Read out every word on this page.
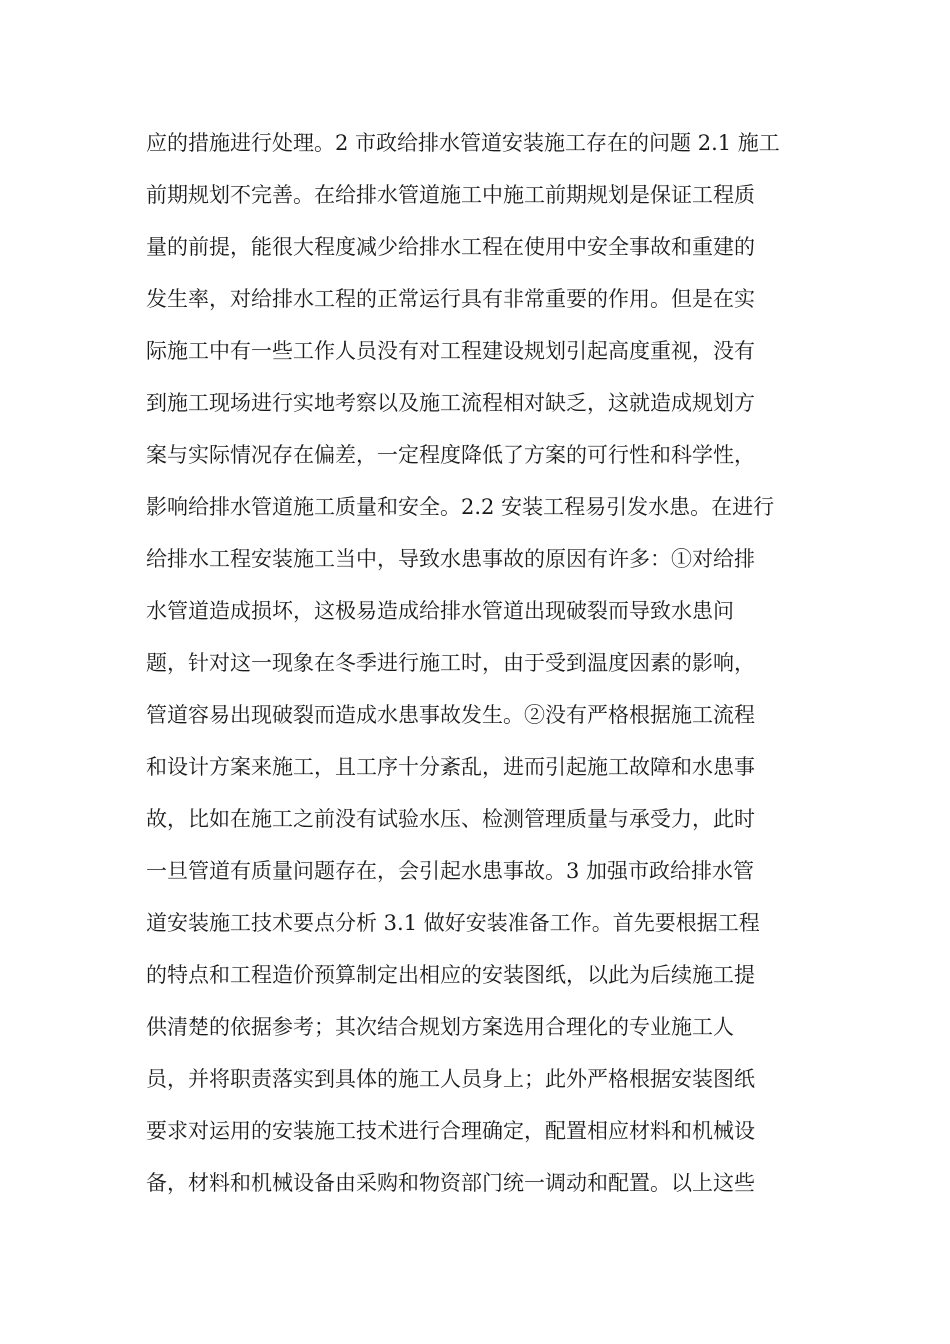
应的措施进行处理。2 市政给排水管道安装施工存在的问题 2.1 施工
前期规划不完善。在给排水管道施工中施工前期规划是保证工程质
量的前提，能很大程度减少给排水工程在使用中安全事故和重建的
发生率，对给排水工程的正常运行具有非常重要的作用。但是在实
际施工中有一些工作人员没有对工程建设规划引起高度重视，没有
到施工现场进行实地考察以及施工流程相对缺乏，这就造成规划方
案与实际情况存在偏差，一定程度降低了方案的可行性和科学性，
影响给排水管道施工质量和安全。2.2 安装工程易引发水患。在进行
给排水工程安装施工当中，导致水患事故的原因有许多：①对给排
水管道造成损坏，这极易造成给排水管道出现破裂而导致水患问
题，针对这一现象在冬季进行施工时，由于受到温度因素的影响，
管道容易出现破裂而造成水患事故发生。②没有严格根据施工流程
和设计方案来施工，且工序十分紊乱，进而引起施工故障和水患事
故，比如在施工之前没有试验水压、检测管理质量与承受力，此时
一旦管道有质量问题存在，会引起水患事故。3 加强市政给排水管
道安装施工技术要点分析 3.1 做好安装准备工作。首先要根据工程
的特点和工程造价预算制定出相应的安装图纸，以此为后续施工提
供清楚的依据参考；其次结合规划方案选用合理化的专业施工人
员，并将职责落实到具体的施工人员身上；此外严格根据安装图纸
要求对运用的安装施工技术进行合理确定，配置相应材料和机械设
备，材料和机械设备由采购和物资部门统一调动和配置。以上这些
